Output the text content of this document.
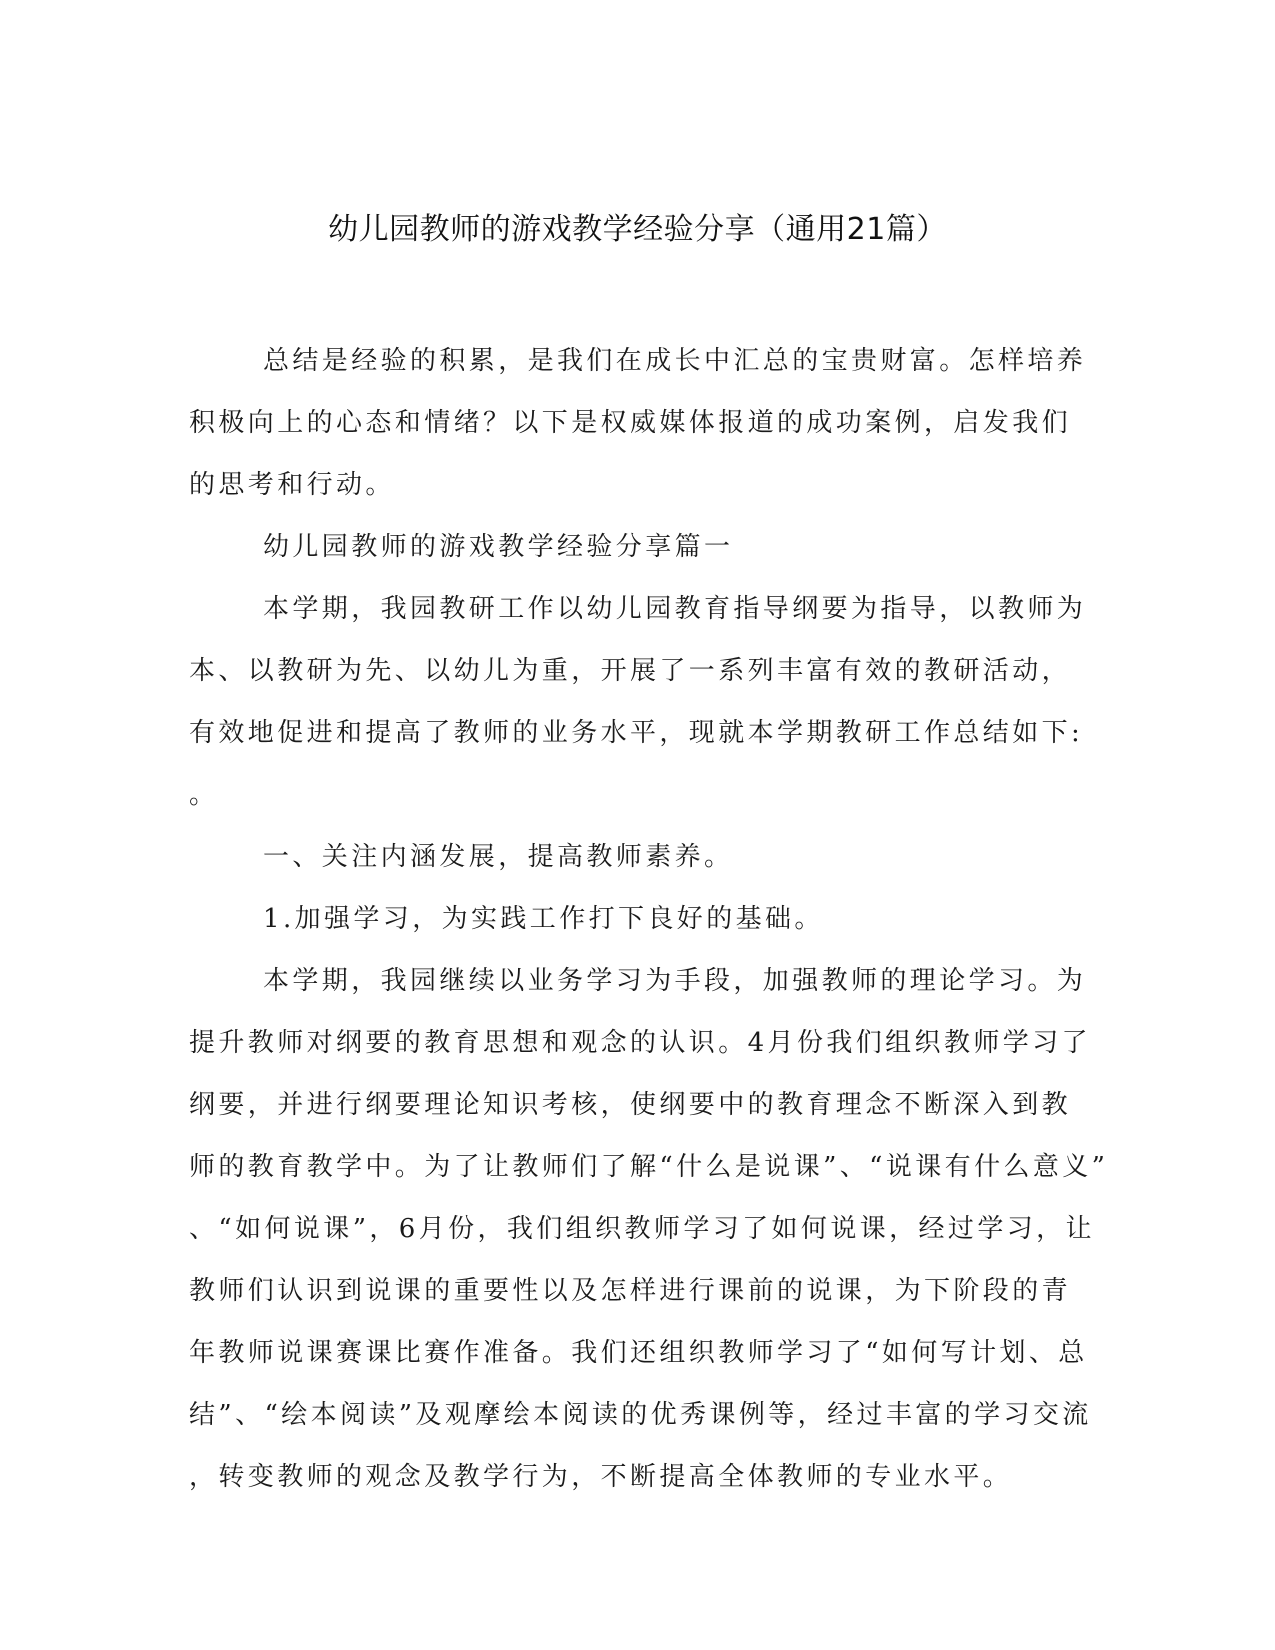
幼儿园教师的游戏教学经验分享（通用21篇）
总结是经验的积累，是我们在成长中汇总的宝贵财富。怎样培养
积极向上的心态和情绪？以下是权威媒体报道的成功案例，启发我们
的思考和行动。
幼儿园教师的游戏教学经验分享篇一
本学期，我园教研工作以幼儿园教育指导纲要为指导，以教师为
本、以教研为先、以幼儿为重，开展了一系列丰富有效的教研活动，
有效地促进和提高了教师的业务水平，现就本学期教研工作总结如下:
。
一、关注内涵发展，提高教师素养。
1.加强学习，为实践工作打下良好的基础。
本学期，我园继续以业务学习为手段，加强教师的理论学习。为
提升教师对纲要的教育思想和观念的认识。4月份我们组织教师学习了
纲要，并进行纲要理论知识考核，使纲要中的教育理念不断深入到教
师的教育教学中。为了让教师们了解“什么是说课”、“说课有什么意义”
、“如何说课”，6月份，我们组织教师学习了如何说课，经过学习，让
教师们认识到说课的重要性以及怎样进行课前的说课，为下阶段的青
年教师说课赛课比赛作准备。我们还组织教师学习了“如何写计划、总
结”、“绘本阅读”及观摩绘本阅读的优秀课例等，经过丰富的学习交流
，转变教师的观念及教学行为，不断提高全体教师的专业水平。
